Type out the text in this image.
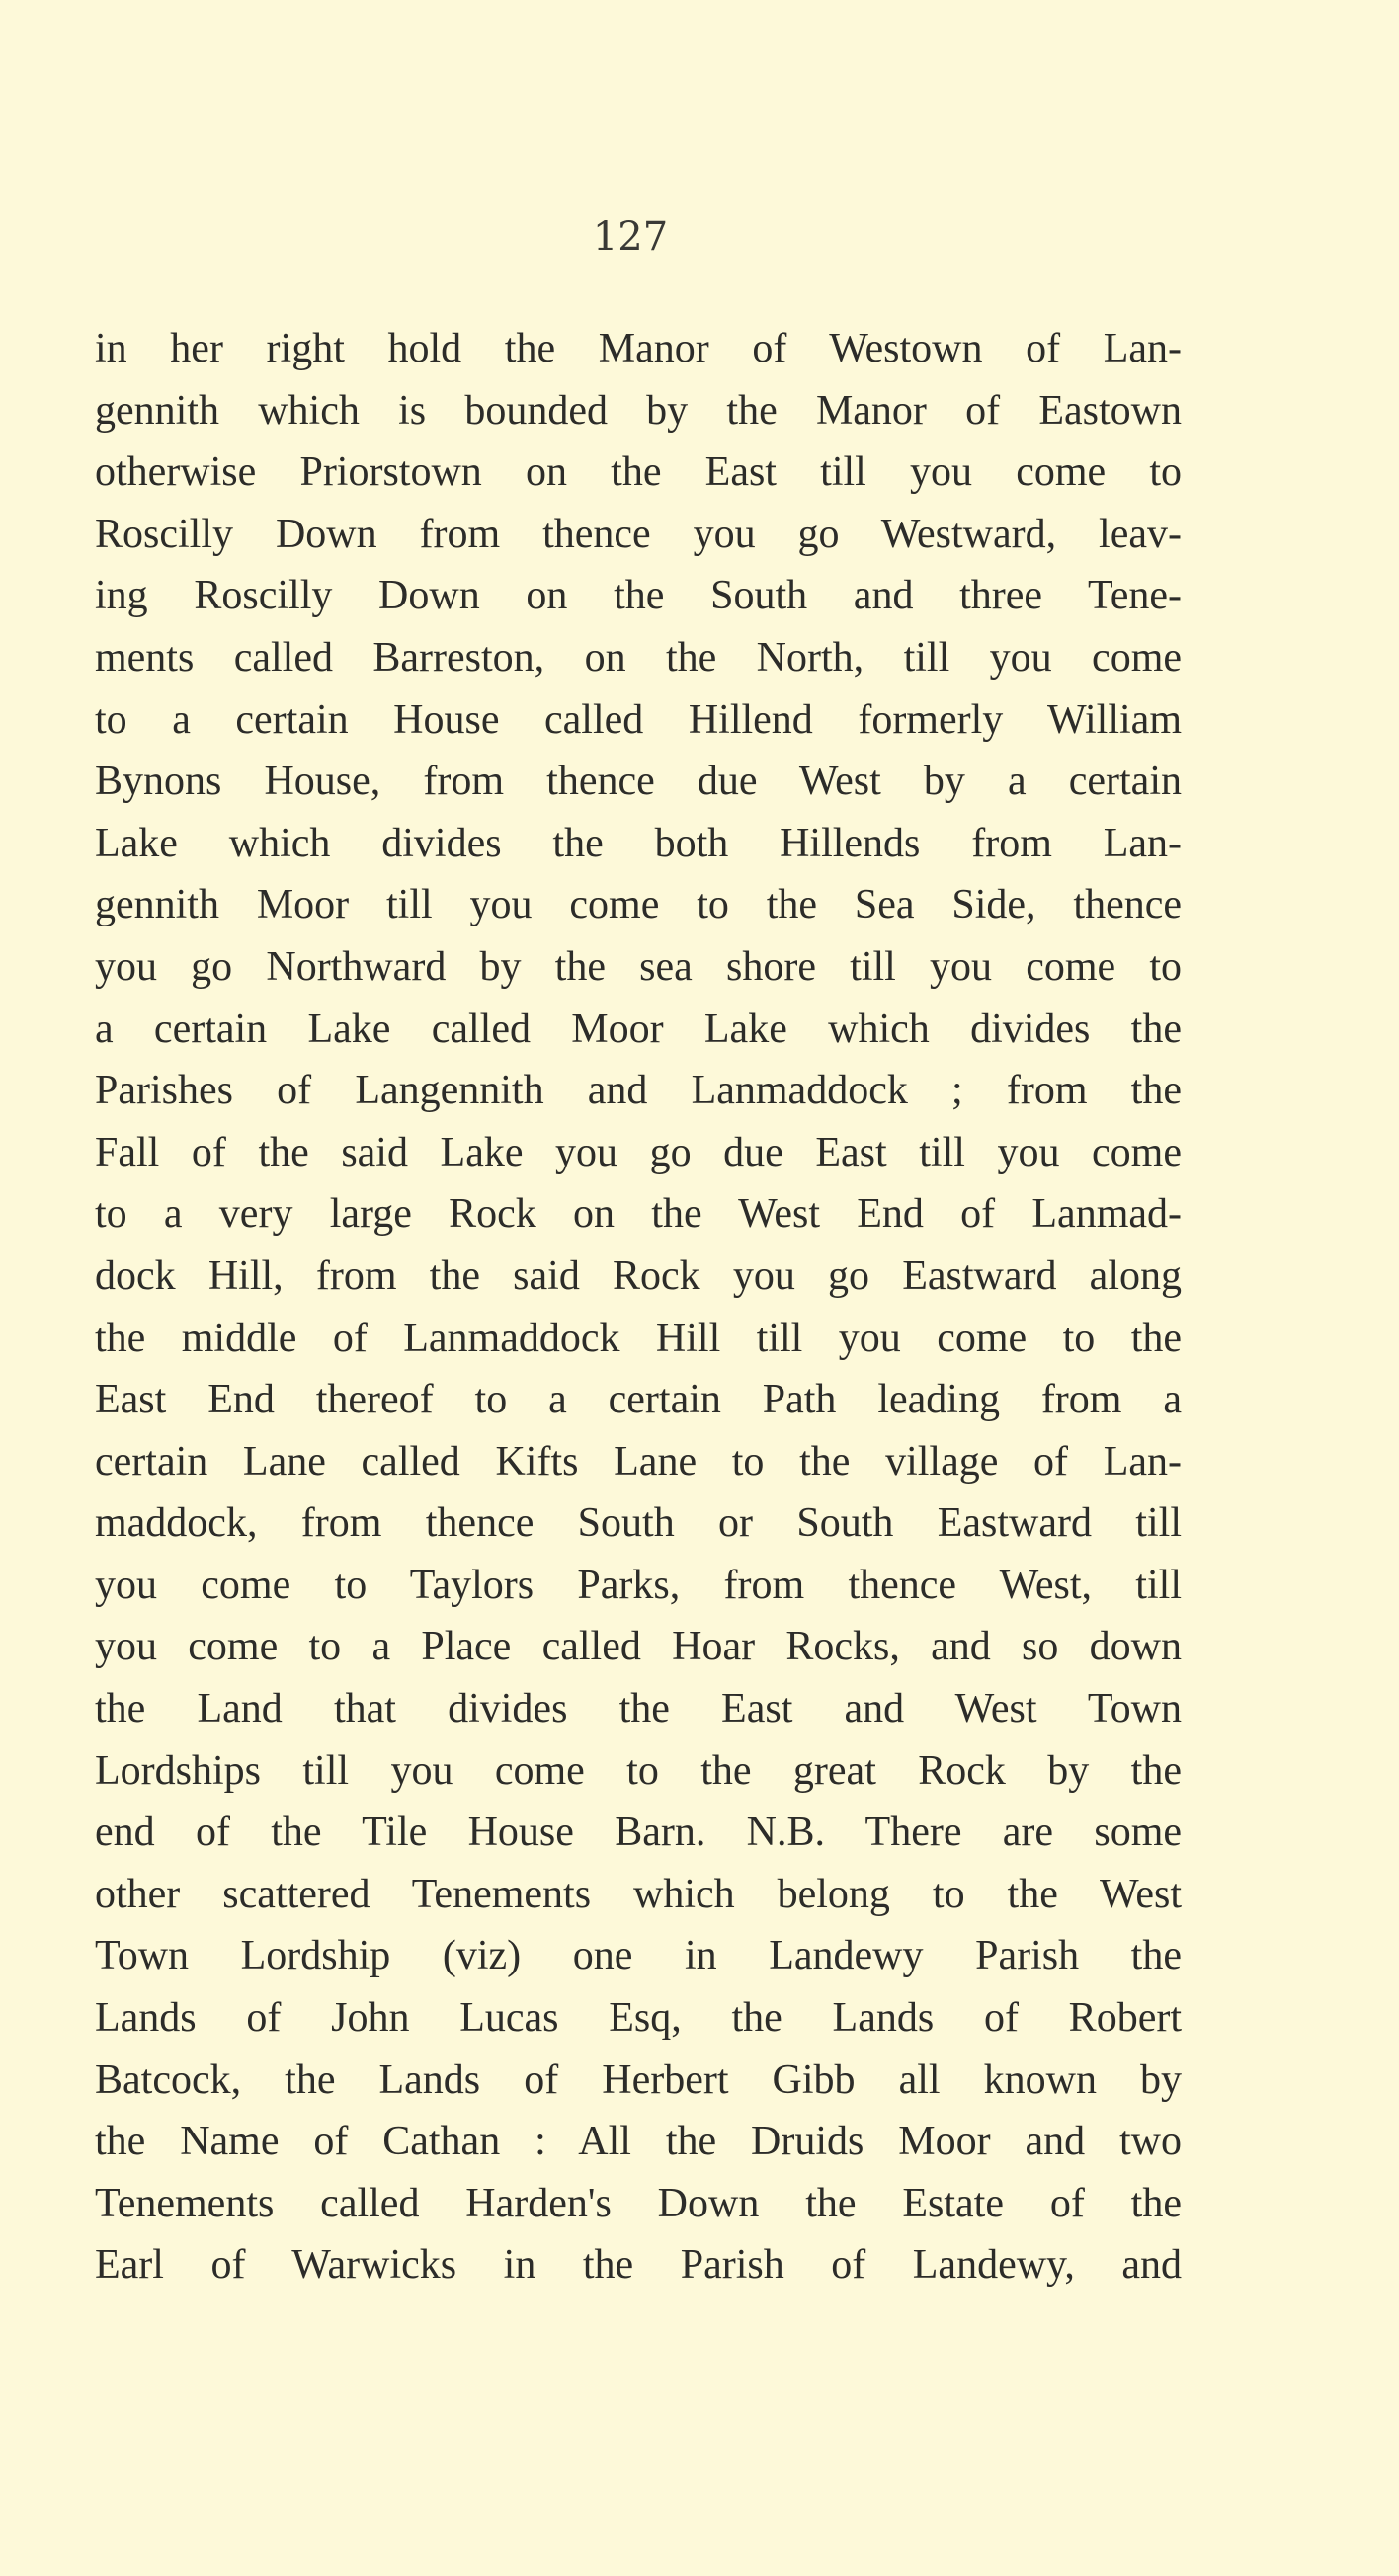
127
in her right hold the Manor of Westown of Lan-
gennith which is bounded by the Manor of Eastown
otherwise Priorstown on the East till you come to
Roscilly Down from thence you go Westward, leav-
ing Roscilly Down on the South and three Tene-
ments called Barreston, on the North, till you come
to a certain House called Hillend formerly William
Bynons House, from thence due West by a certain
Lake which divides the both Hillends from Lan-
gennith Moor till you come to the Sea Side, thence
you go Northward by the sea shore till you come to
a certain Lake called Moor Lake which divides the
Parishes of Langennith and Lanmaddock ; from the
Fall of the said Lake you go due East till you come
to a very large Rock on the West End of Lanmad-
dock Hill, from the said Rock you go Eastward along
the middle of Lanmaddock Hill till you come to the
East End thereof to a certain Path leading from a
certain Lane called Kifts Lane to the village of Lan-
maddock, from thence South or South Eastward till
you come to Taylors Parks, from thence West, till
you come to a Place called Hoar Rocks, and so down
the Land that divides the East and West Town
Lordships till you come to the great Rock by the
end of the Tile House Barn. N.B. There are some
other scattered Tenements which belong to the West
Town Lordship (viz) one in Landewy Parish the
Lands of John Lucas Esq, the Lands of Robert
Batcock, the Lands of Herbert Gibb all known by
the Name of Cathan : All the Druids Moor and two
Tenements called Harden's Down the Estate of the
Earl of Warwicks in the Parish of Landewy, and
